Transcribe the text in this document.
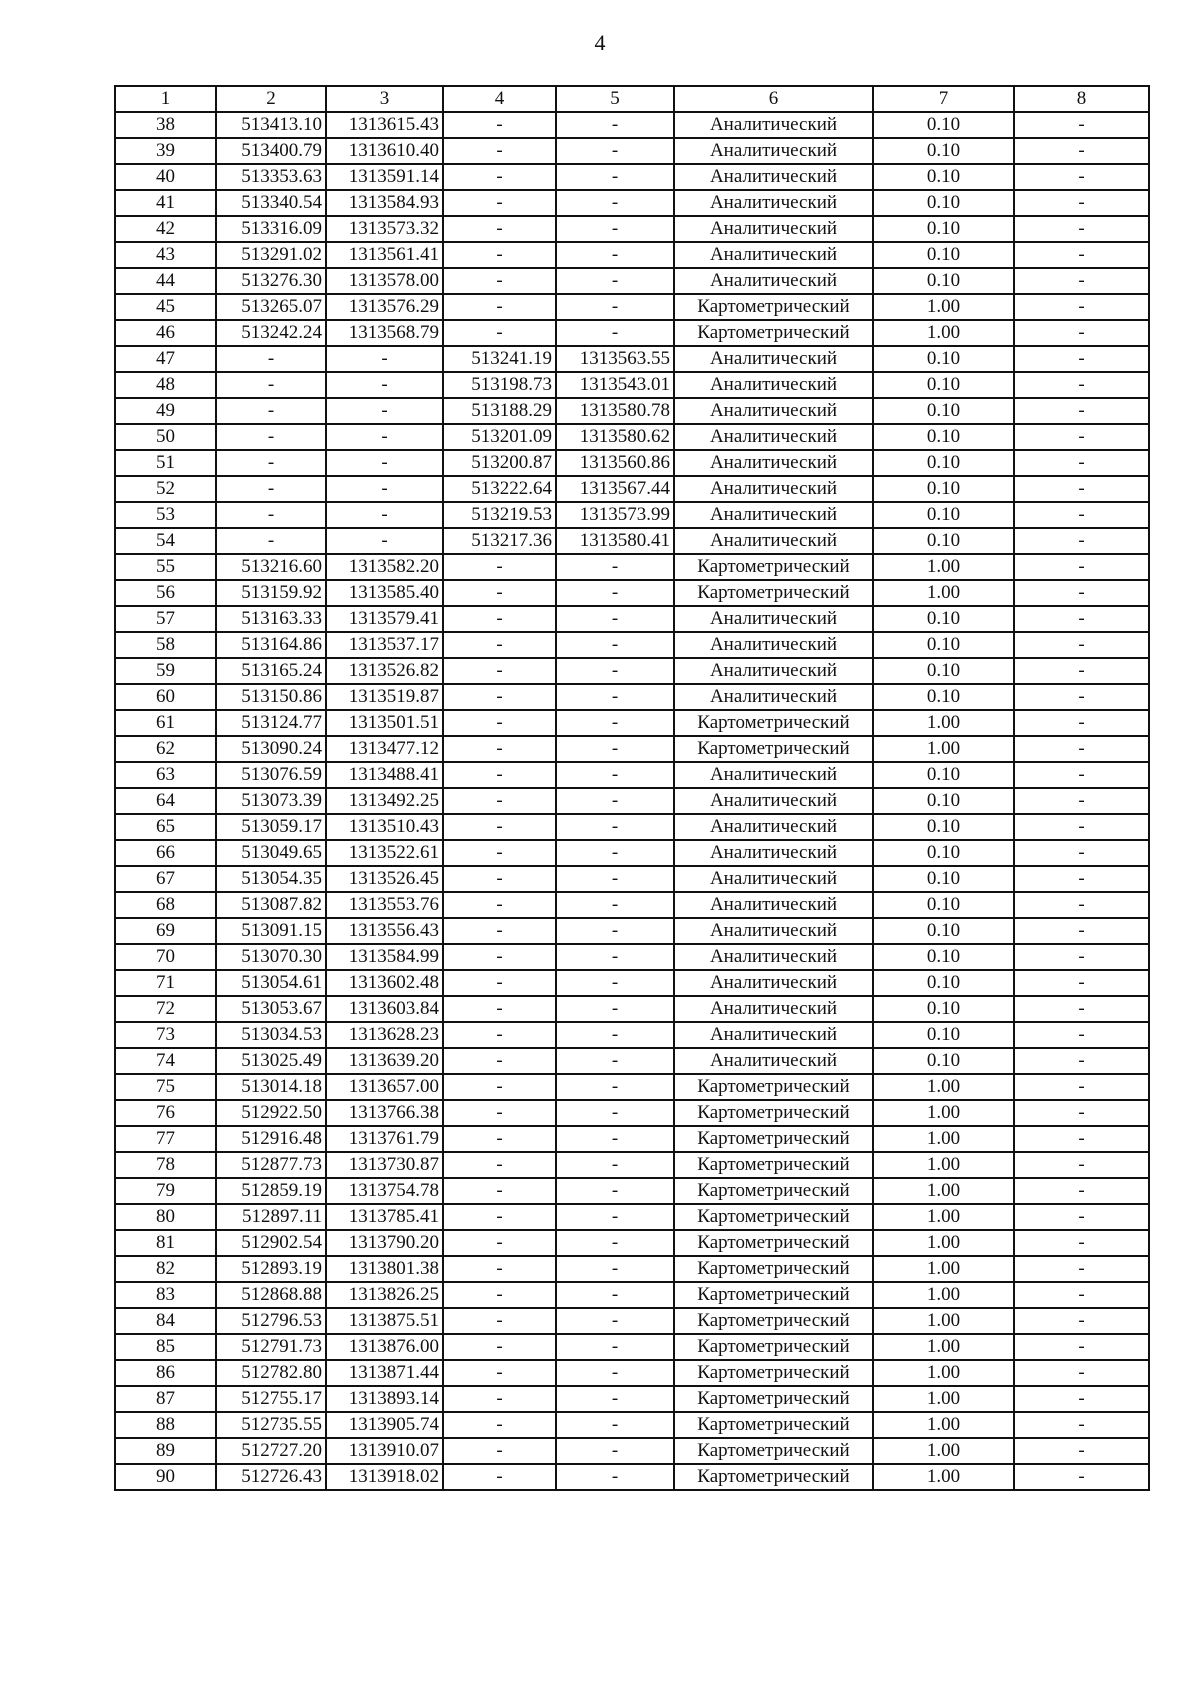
4
1	2	3	4	5	6	7	8
38	513413.10	1313615.43	-	-	Аналитический	0.10	-
39	513400.79	1313610.40	-	-	Аналитический	0.10	-
40	513353.63	1313591.14	-	-	Аналитический	0.10	-
41	513340.54	1313584.93	-	-	Аналитический	0.10	-
42	513316.09	1313573.32	-	-	Аналитический	0.10	-
43	513291.02	1313561.41	-	-	Аналитический	0.10	-
44	513276.30	1313578.00	-	-	Аналитический	0.10	-
45	513265.07	1313576.29	-	-	Картометрический	1.00	-
46	513242.24	1313568.79	-	-	Картометрический	1.00	-
47	-	-	513241.19	1313563.55	Аналитический	0.10	-
48	-	-	513198.73	1313543.01	Аналитический	0.10	-
49	-	-	513188.29	1313580.78	Аналитический	0.10	-
50	-	-	513201.09	1313580.62	Аналитический	0.10	-
51	-	-	513200.87	1313560.86	Аналитический	0.10	-
52	-	-	513222.64	1313567.44	Аналитический	0.10	-
53	-	-	513219.53	1313573.99	Аналитический	0.10	-
54	-	-	513217.36	1313580.41	Аналитический	0.10	-
55	513216.60	1313582.20	-	-	Картометрический	1.00	-
56	513159.92	1313585.40	-	-	Картометрический	1.00	-
57	513163.33	1313579.41	-	-	Аналитический	0.10	-
58	513164.86	1313537.17	-	-	Аналитический	0.10	-
59	513165.24	1313526.82	-	-	Аналитический	0.10	-
60	513150.86	1313519.87	-	-	Аналитический	0.10	-
61	513124.77	1313501.51	-	-	Картометрический	1.00	-
62	513090.24	1313477.12	-	-	Картометрический	1.00	-
63	513076.59	1313488.41	-	-	Аналитический	0.10	-
64	513073.39	1313492.25	-	-	Аналитический	0.10	-
65	513059.17	1313510.43	-	-	Аналитический	0.10	-
66	513049.65	1313522.61	-	-	Аналитический	0.10	-
67	513054.35	1313526.45	-	-	Аналитический	0.10	-
68	513087.82	1313553.76	-	-	Аналитический	0.10	-
69	513091.15	1313556.43	-	-	Аналитический	0.10	-
70	513070.30	1313584.99	-	-	Аналитический	0.10	-
71	513054.61	1313602.48	-	-	Аналитический	0.10	-
72	513053.67	1313603.84	-	-	Аналитический	0.10	-
73	513034.53	1313628.23	-	-	Аналитический	0.10	-
74	513025.49	1313639.20	-	-	Аналитический	0.10	-
75	513014.18	1313657.00	-	-	Картометрический	1.00	-
76	512922.50	1313766.38	-	-	Картометрический	1.00	-
77	512916.48	1313761.79	-	-	Картометрический	1.00	-
78	512877.73	1313730.87	-	-	Картометрический	1.00	-
79	512859.19	1313754.78	-	-	Картометрический	1.00	-
80	512897.11	1313785.41	-	-	Картометрический	1.00	-
81	512902.54	1313790.20	-	-	Картометрический	1.00	-
82	512893.19	1313801.38	-	-	Картометрический	1.00	-
83	512868.88	1313826.25	-	-	Картометрический	1.00	-
84	512796.53	1313875.51	-	-	Картометрический	1.00	-
85	512791.73	1313876.00	-	-	Картометрический	1.00	-
86	512782.80	1313871.44	-	-	Картометрический	1.00	-
87	512755.17	1313893.14	-	-	Картометрический	1.00	-
88	512735.55	1313905.74	-	-	Картометрический	1.00	-
89	512727.20	1313910.07	-	-	Картометрический	1.00	-
90	512726.43	1313918.02	-	-	Картометрический	1.00	-
